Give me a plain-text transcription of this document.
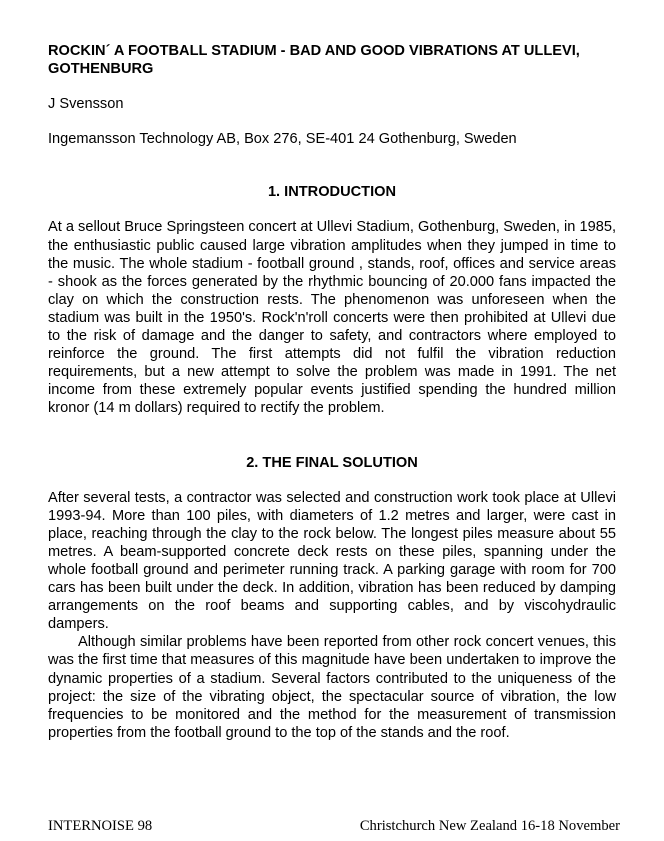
ROCKIN´ A FOOTBALL STADIUM - BAD AND GOOD VIBRATIONS AT ULLEVI, GOTHENBURG

J Svensson

Ingemansson Technology AB, Box 276, SE-401 24 Gothenburg, Sweden

1. INTRODUCTION

At a sellout Bruce Springsteen concert at Ullevi Stadium, Gothenburg, Sweden, in 1985, the enthusiastic public caused large vibration amplitudes when they jumped in time to the music. The whole stadium - football ground , stands, roof, offices and service areas - shook as the forces generated by the rhythmic bouncing of 20.000 fans impacted the clay on which the construction rests. The phenomenon was unforeseen when the stadium was built in the 1950's. Rock'n'roll concerts were then prohibited at Ullevi due to the risk of damage and the danger to safety, and contractors where employed to reinforce the ground. The first attempts did not fulfil the vibration reduction requirements, but a new attempt to solve the problem was made in 1991. The net income from these extremely popular events justified spending the hundred million kronor (14 m dollars) required to rectify the problem.

2. THE FINAL SOLUTION

After several tests, a contractor was selected and construction work took place at Ullevi 1993-94. More than 100 piles, with diameters of 1.2 metres and larger, were cast in place, reaching through the clay to the rock below. The longest piles measure about 55 metres. A beam-supported concrete deck rests on these piles, spanning under the whole football ground and perimeter running track. A parking garage with room for 700 cars has been built under the deck. In addition, vibration has been reduced by damping arrangements on the roof beams and supporting cables, and by viscohydraulic dampers.

Although similar problems have been reported from other rock concert venues, this was the first time that measures of this magnitude have been undertaken to improve the dynamic properties of a stadium. Several factors contributed to the uniqueness of the project: the size of the vibrating object, the spectacular source of vibration, the low frequencies to be monitored and the method for the measurement of transmission properties from the football ground to the top of the stands and the roof.

INTERNOISE 98	Christchurch New Zealand 16-18 November
